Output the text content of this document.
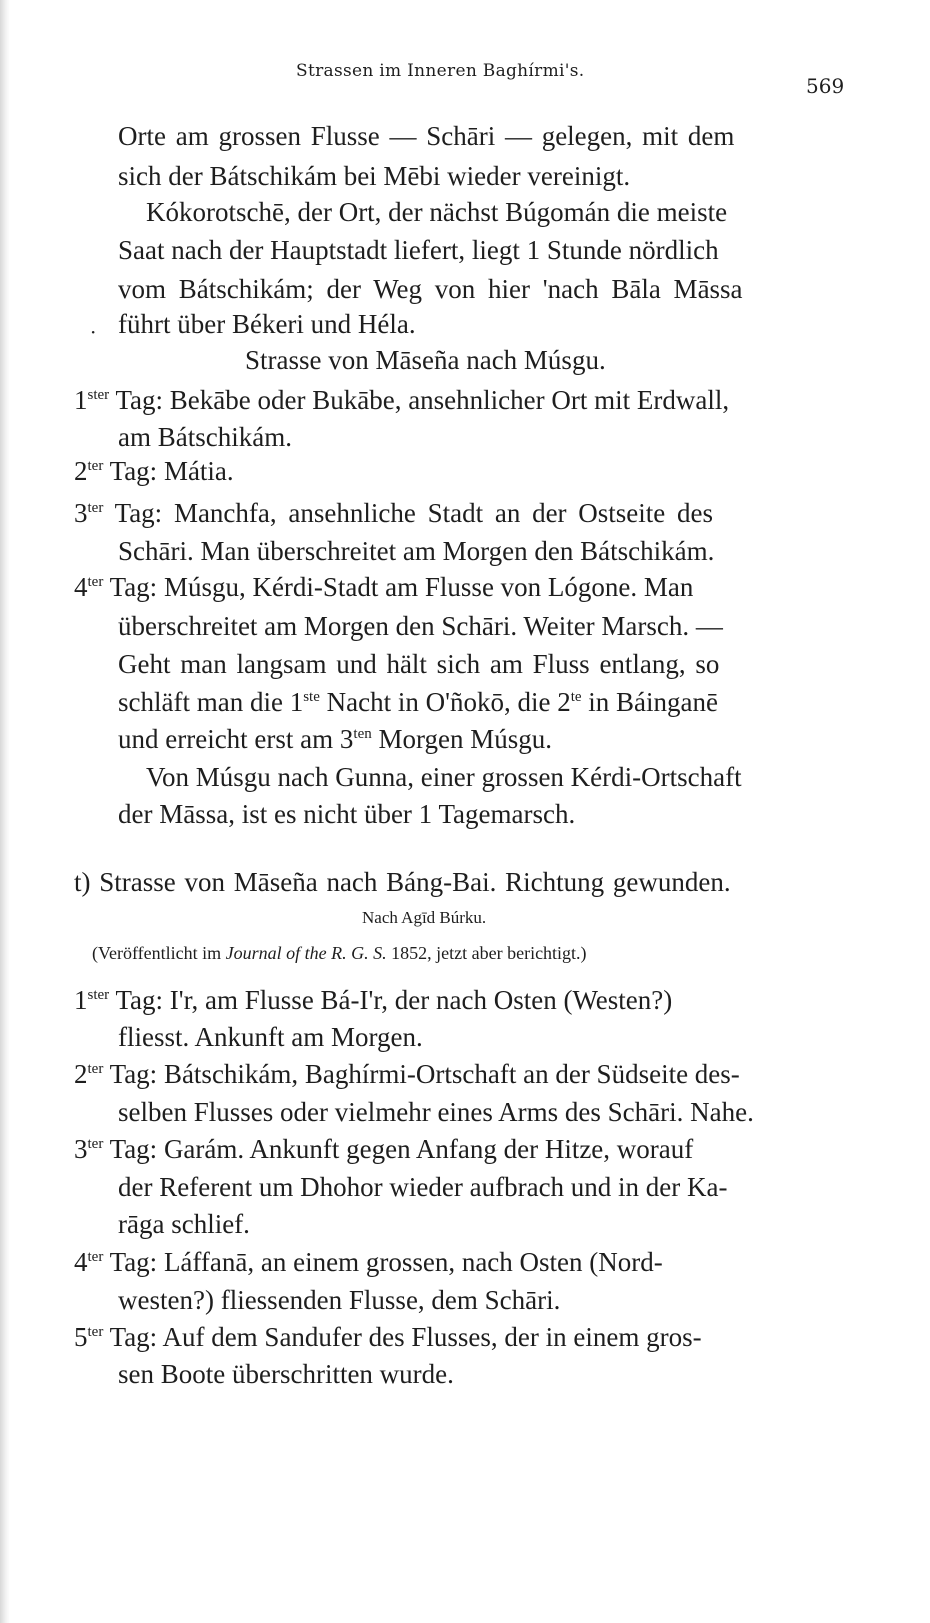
Strassen im Inneren Baghírmi's.
569
Orte am grossen Flusse — Schāri — gelegen, mit dem
sich der Bátschikám bei Mēbi wieder vereinigt.
Kókorotschē, der Ort, der nächst Búgomán die meiste
Saat nach der Hauptstadt liefert, liegt 1 Stunde nördlich
vom Bátschikám; der Weg von hier 'nach Bāla Māssa
· führt über Békeri und Héla.
Strasse von Māseña nach Músgu.
$1^{ster}$ Tag: Bekābe oder Bukābe, ansehnlicher Ort mit Erdwall,
am Bátschikám.
$2^{ter}$ Tag: Mátia.
$3^{ter}$ Tag: Manchfa, ansehnliche Stadt an der Ostseite des
Schāri. Man überschreitet am Morgen den Bátschikám.
$4^{ter}$ Tag: Músgu, Kérdi-Stadt am Flusse von Lógone. Man
überschreitet am Morgen den Schāri. Weiter Marsch. —
Geht man langsam und hält sich am Fluss entlang, so
schläft man die 1ste Nacht in O'ñokō, die $2^{te}$ in Báinganē
und erreicht erst am $3^{ten}$ Morgen Músgu.
Von Músgu nach Gunna, einer grossen Kérdi-Ortschaft
der Māssa, ist es nicht über 1 Tagemarsch.
t) Strasse von Māseña nach Báng-Bai. Richtung gewunden.
Nach Agīd Búrku.
(Veröffentlicht im Journal of the R. G. S. 1852, jetzt aber berichtigt.)
$1^{ster}$ Tag: I'r, am Flusse Bá-I'r, der nach Osten (Westen?)
fliesst. Ankunft am Morgen.
$2^{ter}$ Tag: Bátschikám, Baghírmi-Ortschaft an der Südseite des-
selben Flusses oder vielmehr eines Arms des Schāri. Nahe.
$3^{ter}$ Tag: Garám. Ankunft gegen Anfang der Hitze, worauf
der Referent um Dhohor wieder aufbrach und in der Ka-
rāga schlief.
$4^{ter}$ Tag: Láffanā, an einem grossen, nach Osten (Nord-
westen?) fliessenden Flusse, dem Schāri.
$5^{ter}$ Tag: Auf dem Sandufer des Flusses, der in einem gros-
sen Boote überschritten wurde.
